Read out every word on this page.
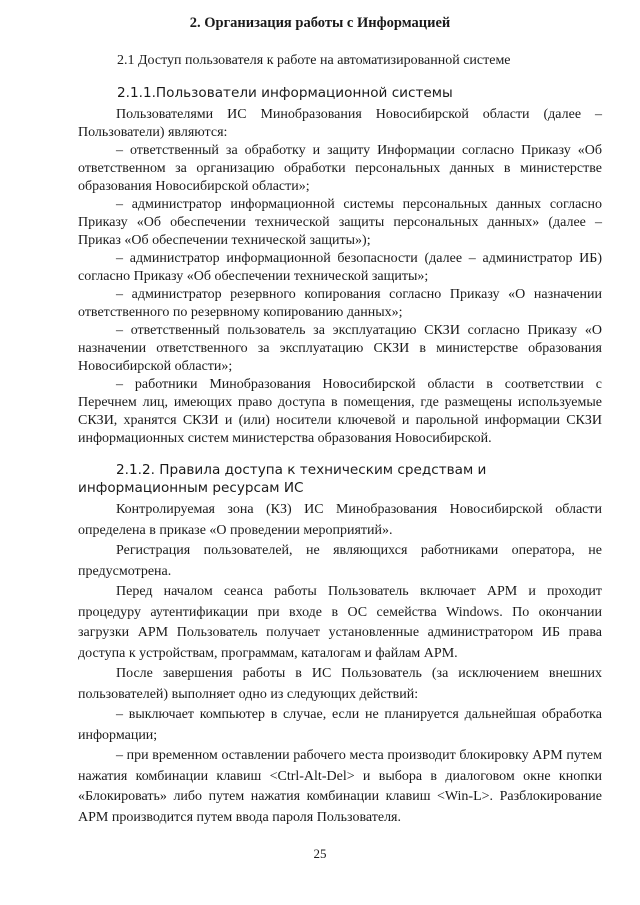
2. Организация работы с Информацией
2.1 Доступ пользователя к работе на автоматизированной системе
2.1.1.Пользователи информационной системы

Пользователями ИС Минобразования Новосибирской области (далее – Пользователи) являются:

– ответственный за обработку и защиту Информации согласно Приказу «Об ответственном за организацию обработки персональных данных в министерстве образования Новосибирской области»;

– администратор информационной системы персональных данных согласно Приказу «Об обеспечении технической защиты персональных данных» (далее – Приказ «Об обеспечении технической защиты»);

– администратор информационной безопасности (далее – администратор ИБ) согласно Приказу «Об обеспечении технической защиты»;

– администратор резервного копирования согласно Приказу «О назначении ответственного по резервному копированию данных»;

– ответственный пользователь за эксплуатацию СКЗИ согласно Приказу «О назначении ответственного за эксплуатацию СКЗИ в министерстве образования Новосибирской области»;

– работники Минобразования Новосибирской области в соответствии с Перечнем лиц, имеющих право доступа в помещения, где размещены используемые СКЗИ, хранятся СКЗИ и (или) носители ключевой и парольной информации СКЗИ информационных систем министерства образования Новосибирской.

2.1.2. Правила доступа к техническим средствам и информационным ресурсам ИС

Контролируемая зона (КЗ) ИС Минобразования Новосибирской области определена в приказе «О проведении мероприятий».

Регистрация пользователей, не являющихся работниками оператора, не предусмотрена.

Перед началом сеанса работы Пользователь включает АРМ и проходит процедуру аутентификации при входе в ОС семейства Windows. По окончании загрузки АРМ Пользователь получает установленные администратором ИБ права доступа к устройствам, программам, каталогам и файлам АРМ.

После завершения работы в ИС Пользователь (за исключением внешних пользователей) выполняет одно из следующих действий:

– выключает компьютер в случае, если не планируется дальнейшая обработка информации;

– при временном оставлении рабочего места производит блокировку АРМ путем нажатия комбинации клавиш <Ctrl-Alt-Del> и выбора в диалоговом окне кнопки «Блокировать» либо путем нажатия комбинации клавиш <Win-L>. Разблокирование АРМ производится путем ввода пароля Пользователя.

25
